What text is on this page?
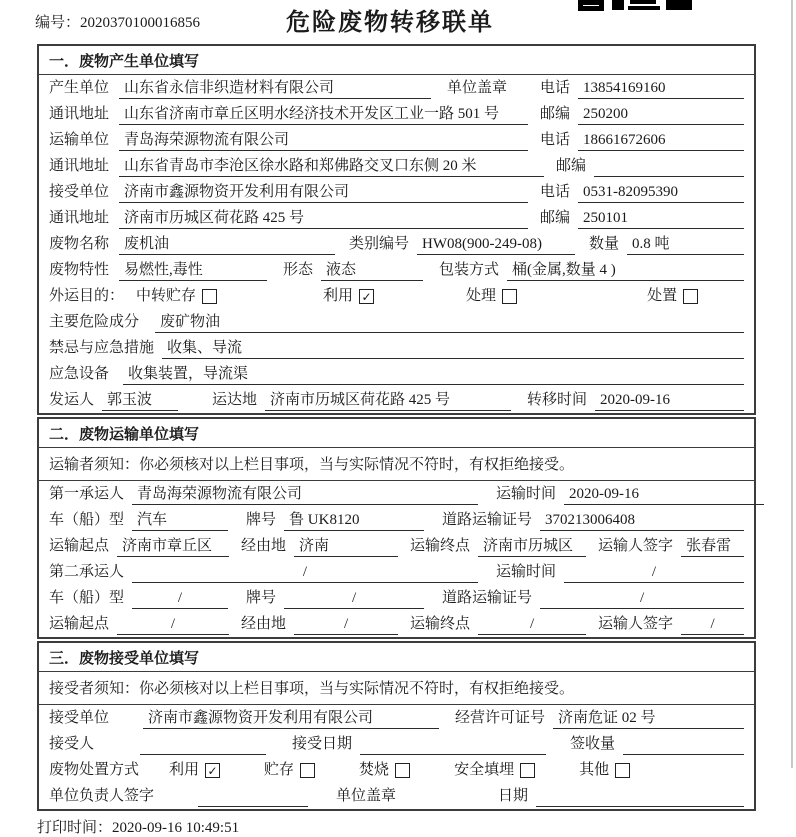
编号：2020370100016856	危险废物转移联单
一．废物产生单位填写
产生单位 山东省永信非织造材料有限公司	单位盖章 电话 13854169160
通讯地址 山东省济南市章丘区明水经济技术开发区工业一路 501 号	邮编 250200
运输单位 青岛海荣源物流有限公司	电话 18661672606
通讯地址 山东省青岛市李沧区徐水路和郑佛路交叉口东侧 20 米	邮编
接受单位 济南市鑫源物资开发利用有限公司	电话 0531-82095390
通讯地址 济南市历城区荷花路 425 号	邮编 250101
废物名称 废机油	类别编号 HW08(900-249-08)	数量 0.8 吨
废物特性 易燃性,毒性	形态 液态	包装方式 桶(金属,数量 4 )
外运目的： 中转贮存	利用 ✓	处理	处置
主要危险成分	废矿物油
禁忌与应急措施 收集、导流
应急设备	收集装置，导流渠
发运人 郭玉波	运达地 济南市历城区荷花路 425 号	转移时间 2020-09-16
二．废物运输单位填写
运输者须知：你必须核对以上栏目事项，当与实际情况不符时，有权拒绝接受。
第一承运人 青岛海荣源物流有限公司	运输时间 2020-09-16
车（船）型 汽车	牌号 鲁 UK8120	道路运输证号 370213006408
运输起点 济南市章丘区	经由地 济南	运输终点 济南市历城区	运输人签字 张春雷
第二承运人	/	运输时间	/
车（船）型	/	牌号	/	道路运输证号	/
运输起点	/	经由地	/	运输终点	/	运输人签字	/
三．废物接受单位填写
接受者须知：你必须核对以上栏目事项，当与实际情况不符时，有权拒绝接受。
接受单位	济南市鑫源物资开发利用有限公司	经营许可证号 济南危证 02 号
接受人	接受日期	签收量
废物处置方式 利用 ✓	贮存	焚烧	安全填埋	其他
单位负责人签字	单位盖章	日期
打印时间：2020-09-16 10:49:51
